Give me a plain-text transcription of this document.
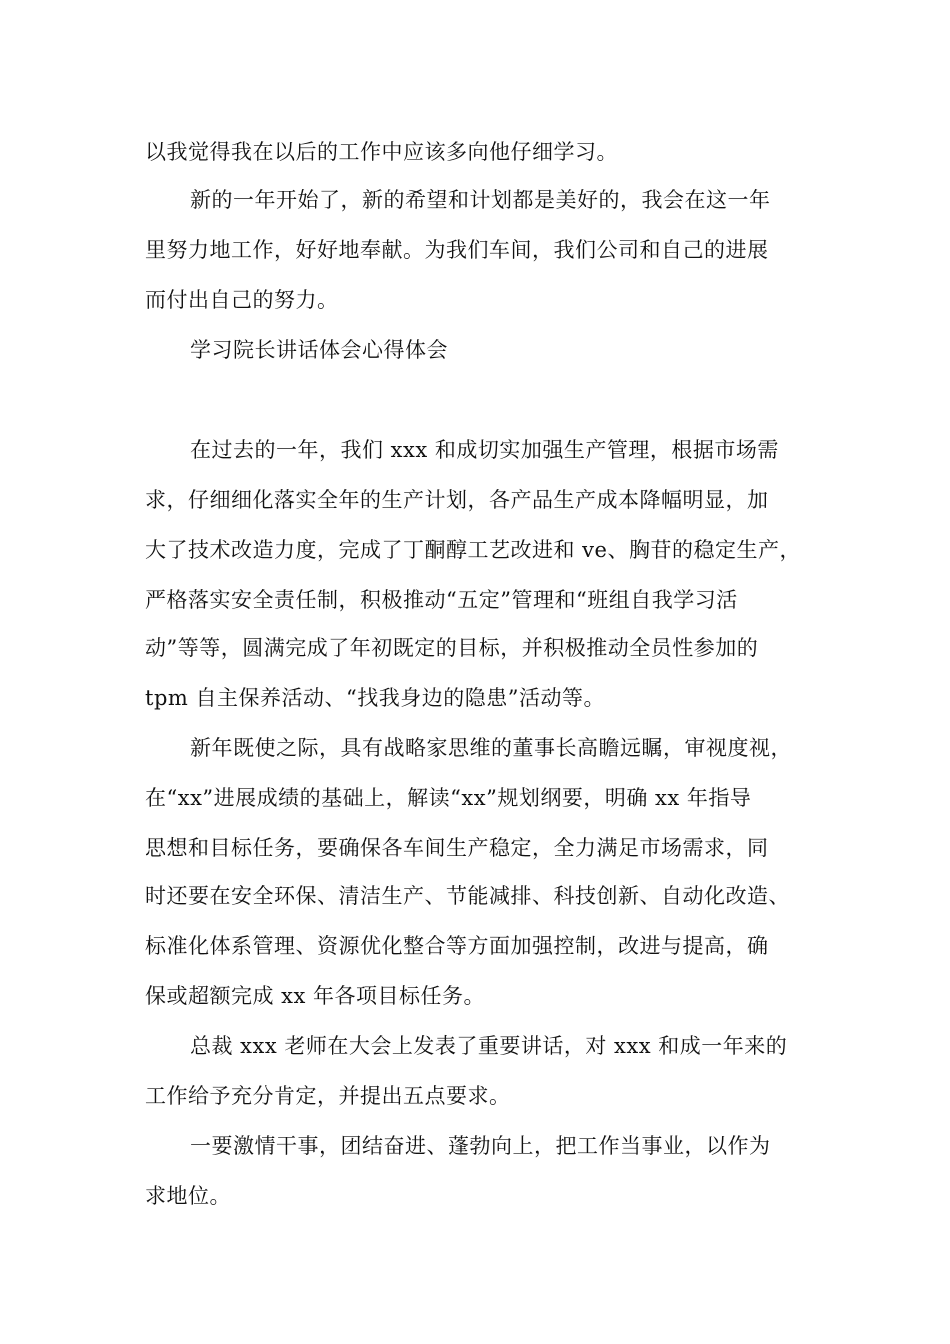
以我觉得我在以后的工作中应该多向他仔细学习。
新的一年开始了，新的希望和计划都是美好的，我会在这一年
里努力地工作，好好地奉献。为我们车间，我们公司和自己的进展
而付出自己的努力。
学习院长讲话体会心得体会
在过去的一年，我们 xxx 和成切实加强生产管理，根据市场需
求，仔细细化落实全年的生产计划，各产品生产成本降幅明显，加
大了技术改造力度，完成了丁酮醇工艺改进和 ve、胸苷的稳定生产，
严格落实安全责任制，积极推动“五定”管理和“班组自我学习活
动”等等，圆满完成了年初既定的目标，并积极推动全员性参加的
tpm 自主保养活动、“找我身边的隐患”活动等。
新年既使之际，具有战略家思维的董事长高瞻远瞩，审视度视，
在“xx”进展成绩的基础上，解读“xx”规划纲要，明确 xx 年指导
思想和目标任务，要确保各车间生产稳定，全力满足市场需求，同
时还要在安全环保、清洁生产、节能减排、科技创新、自动化改造、
标准化体系管理、资源优化整合等方面加强控制，改进与提高，确
保或超额完成 xx 年各项目标任务。
总裁 xxx 老师在大会上发表了重要讲话，对 xxx 和成一年来的
工作给予充分肯定，并提出五点要求。
一要激情干事，团结奋进、蓬勃向上，把工作当事业，以作为
求地位。
